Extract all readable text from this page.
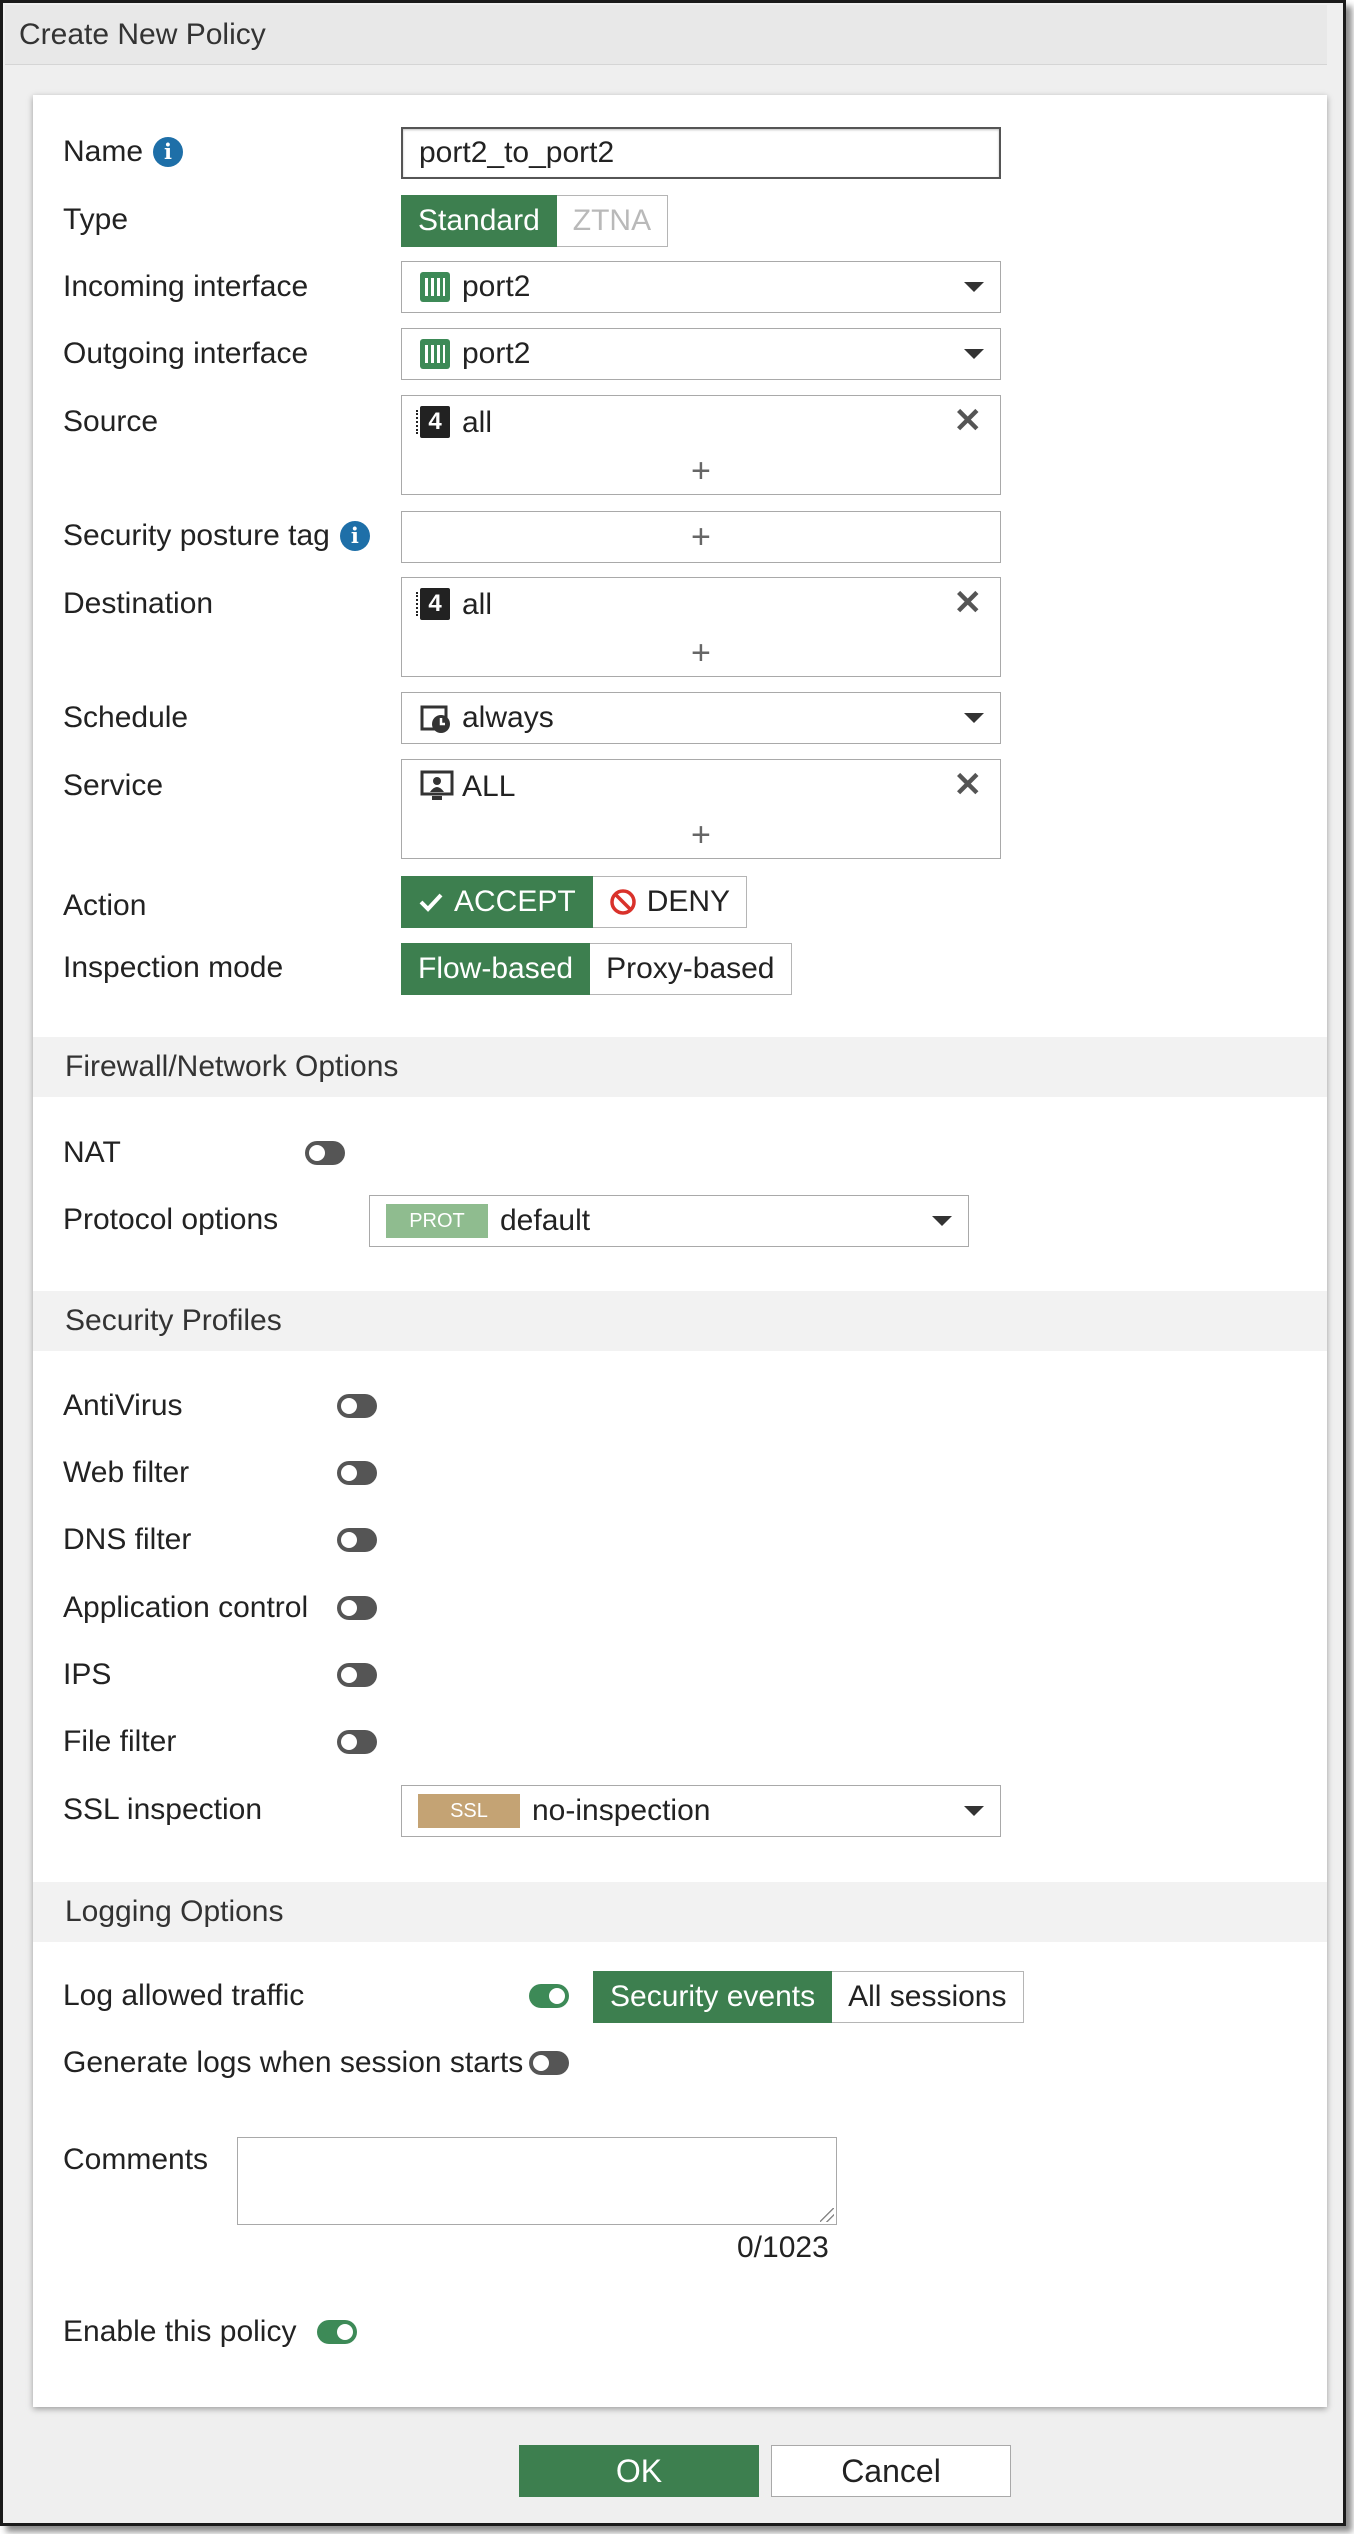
Create New Policy
Name i	port2_to_port2
Type	Standard	ZTNA
Incoming interface	port2
Outgoing interface	port2
Source	4 all	✕
+
Security posture tag i	+
Destination	4 all	✕
+
Schedule	always
Service	ALL	✕
+
Action	ACCEPT	DENY
Inspection mode	Flow-based	Proxy-based
Firewall/Network Options
NAT
Protocol options	PROT	default
Security Profiles
AntiVirus
Web filter
DNS filter
Application control
IPS
File filter
SSL inspection	SSL	no-inspection
Logging Options
Log allowed traffic	Security events	All sessions
Generate logs when session starts
Comments
0/1023
Enable this policy
OK	Cancel
